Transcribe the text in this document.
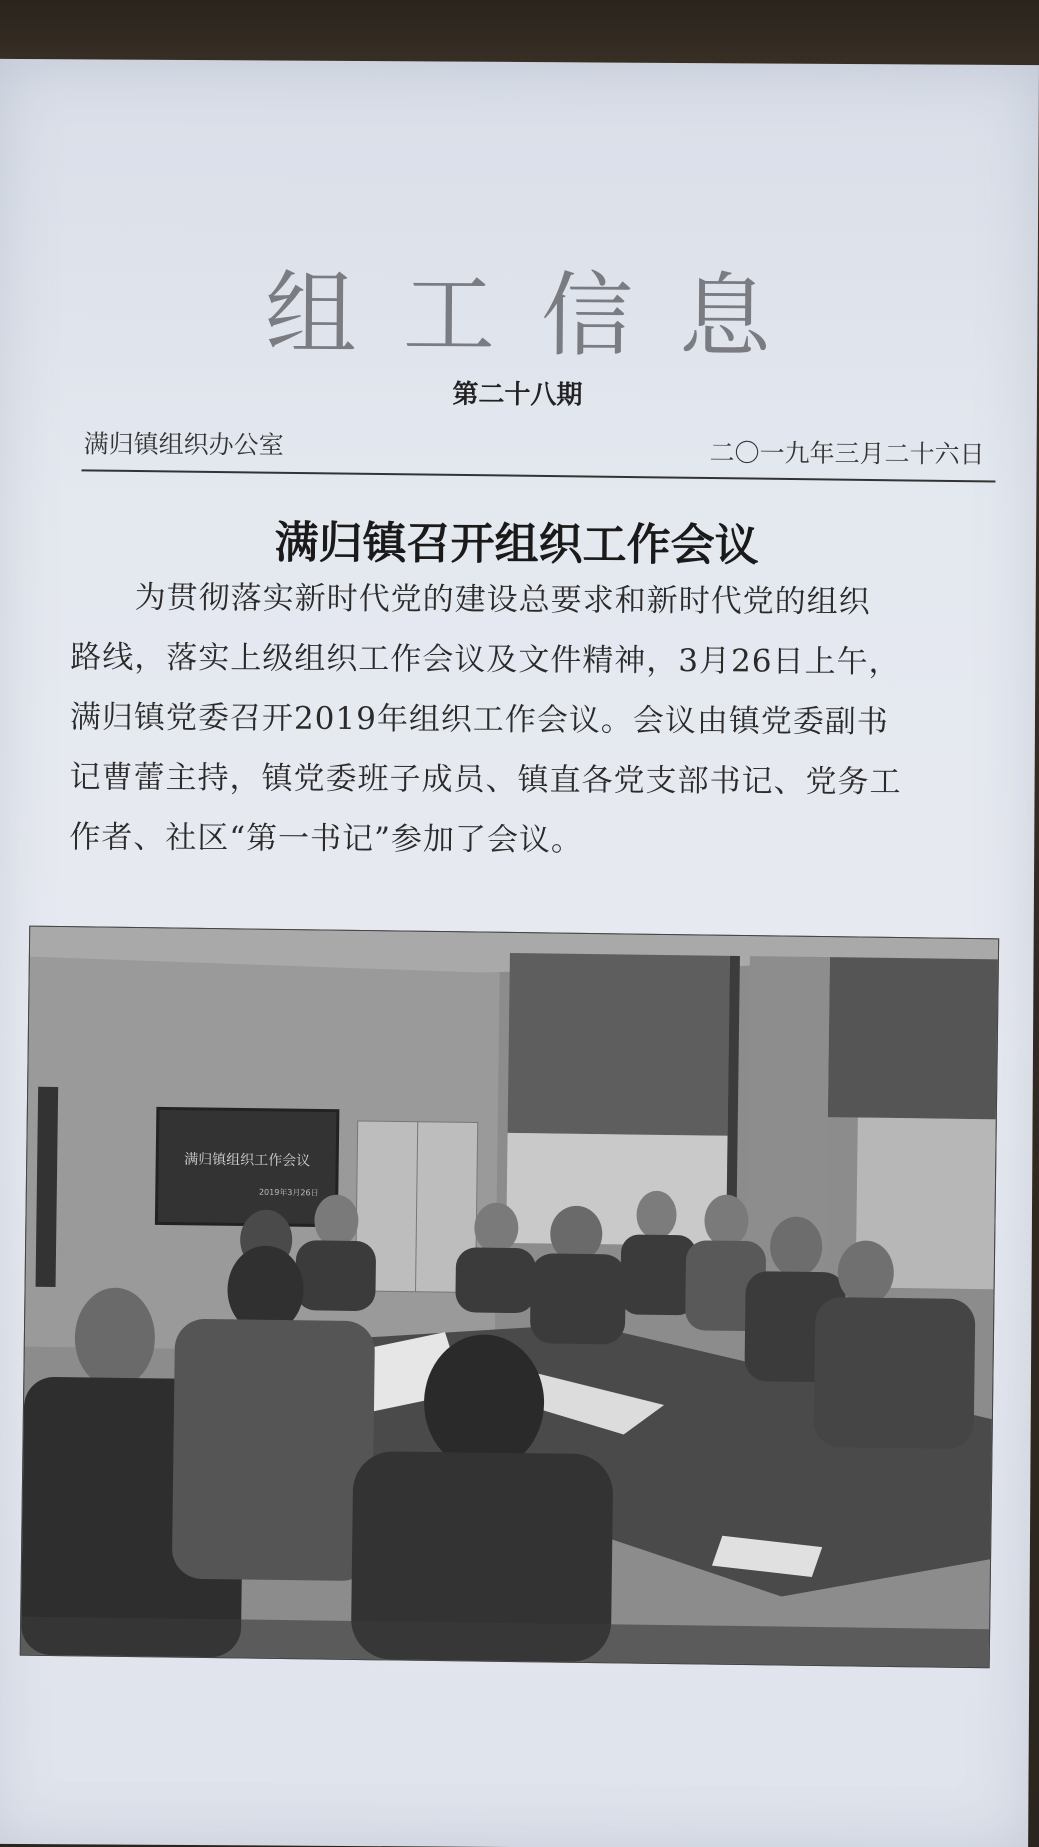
组工信息
第二十八期
满归镇组织办公室	二〇一九年三月二十六日
满归镇召开组织工作会议
　　为贯彻落实新时代党的建设总要求和新时代党的组织
路线，落实上级组织工作会议及文件精神，3月26日上午，
满归镇党委召开2019年组织工作会议。会议由镇党委副书
记曹蕾主持，镇党委班子成员、镇直各党支部书记、党务工
作者、社区“第一书记”参加了会议。
满归镇组织工作会议
2019年3月26日
